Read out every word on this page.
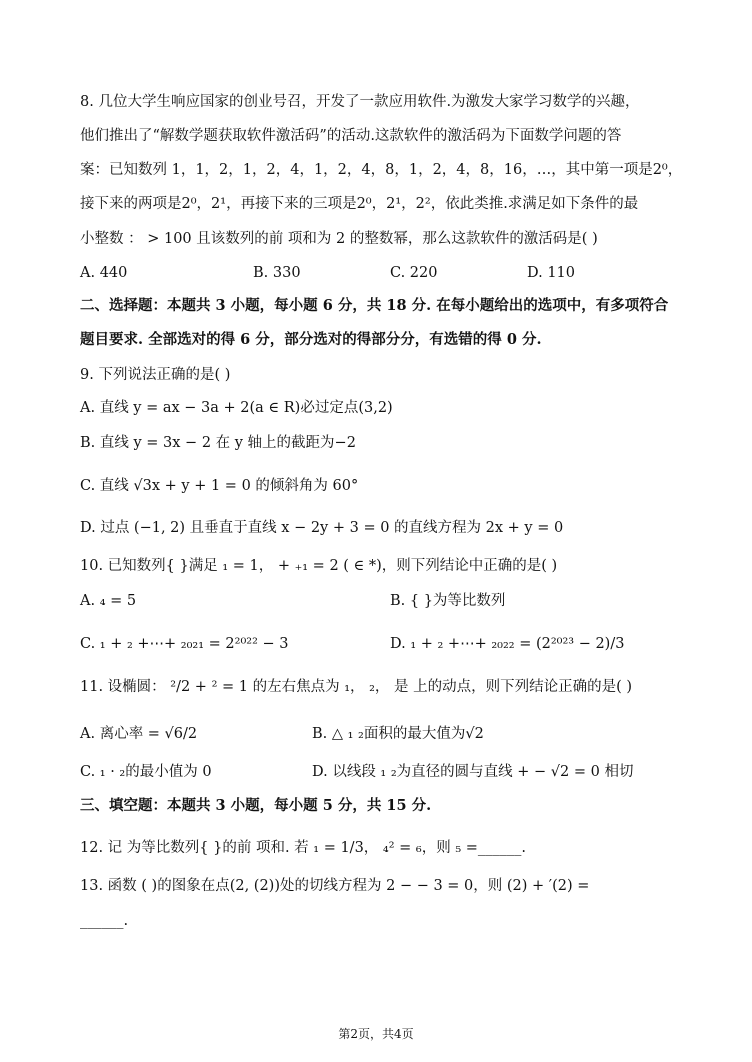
8. 几位大学生响应国家的创业号召，开发了一款应用软件.为激发大家学习数学的兴趣，
他们推出了“解数学题获取软件激活码”的活动.这款软件的激活码为下面数学问题的答
案：已知数列 1，1，2，1，2，4，1，2，4，8，1，2，4，8，16，…，其中第一项是2⁰，
接下来的两项是2⁰，2¹，再接下来的三项是2⁰，2¹，2²，依此类推.求满足如下条件的最
小整数 ： > 100 且该数列的前 项和为 2 的整数幂，那么这款软件的激活码是( )
A. 440	B. 330	C. 220	D. 110
二、选择题：本题共 3 小题，每小题 6 分，共 18 分. 在每小题给出的选项中，有多项符合
题目要求. 全部选对的得 6 分，部分选对的得部分分，有选错的得 0 分.
9. 下列说法正确的是( )
A. 直线 y = ax − 3a + 2(a ∈ R)必过定点(3,2)
B. 直线 y = 3x − 2 在 y 轴上的截距为−2
C. 直线 √3x + y + 1 = 0 的倾斜角为 60°
D. 过点 (−1, 2) 且垂直于直线 x − 2y + 3 = 0 的直线方程为 2x + y = 0
10. 已知数列{ }满足 ₁ = 1， + ₊₁ = 2 ( ∈ *)，则下列结论中正确的是( )
A. ₄ = 5	B. { }为等比数列
C. ₁ + ₂ +⋯+ ₂₀₂₁ = 2²⁰²² − 3	D. ₁ + ₂ +⋯+ ₂₀₂₂ = (2²⁰²³ − 2)/3
11. 设椭圆： ²/2 + ² = 1 的左右焦点为 ₁， ₂， 是 上的动点，则下列结论正确的是( )
A. 离心率 = √6/2	B. △ ₁ ₂面积的最大值为√2
C. ₁ · ₂的最小值为 0	D. 以线段 ₁ ₂为直径的圆与直线 + − √2 = 0 相切
三、填空题：本题共 3 小题，每小题 5 分，共 15 分.
12. 记 为等比数列{ }的前 项和. 若 ₁ = 1/3， ₄² = ₆，则 ₅ =______.
13. 函数 ( )的图象在点(2, (2))处的切线方程为 2 − − 3 = 0，则 (2) + ′(2) =
______.
第2页，共4页
